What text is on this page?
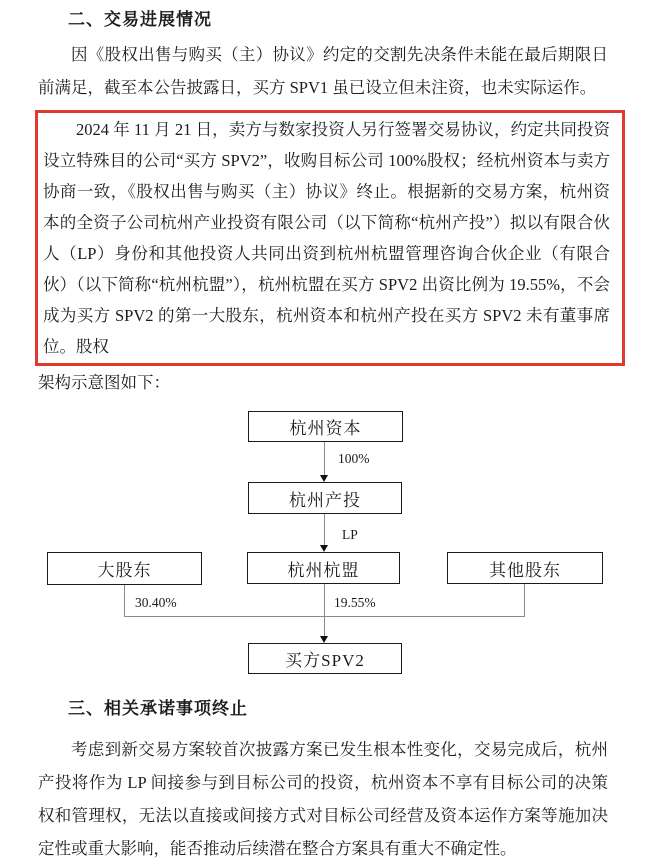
二、交易进展情况

因《股权出售与购买（主）协议》约定的交割先决条件未能在最后期限日前满足，截至本公告披露日，买方 SPV1 虽已设立但未注资，也未实际运作。

2024 年 11 月 21 日，卖方与数家投资人另行签署交易协议，约定共同投资设立特殊目的公司“买方 SPV2”，收购目标公司 100%股权；经杭州资本与卖方协商一致，《股权出售与购买（主）协议》终止。根据新的交易方案，杭州资本的全资子公司杭州产业投资有限公司（以下简称“杭州产投”）拟以有限合伙人（LP）身份和其他投资人共同出资到杭州杭盟管理咨询合伙企业（有限合伙）（以下简称“杭州杭盟”），杭州杭盟在买方 SPV2 出资比例为 19.55%，不会成为买方 SPV2 的第一大股东，杭州资本和杭州产投在买方 SPV2 未有董事席位。股权

架构示意图如下：

杭州资本
100%
杭州产投
LP
大股东	杭州杭盟	其他股东
30.40%	19.55%
买方SPV2
三、相关承诺事项终止

考虑到新交易方案较首次披露方案已发生根本性变化，交易完成后，杭州产投将作为 LP 间接参与到目标公司的投资，杭州资本不享有目标公司的决策权和管理权，无法以直接或间接方式对目标公司经营及资本运作方案等施加决定性或重大影响，能否推动后续潜在整合方案具有重大不确定性。
